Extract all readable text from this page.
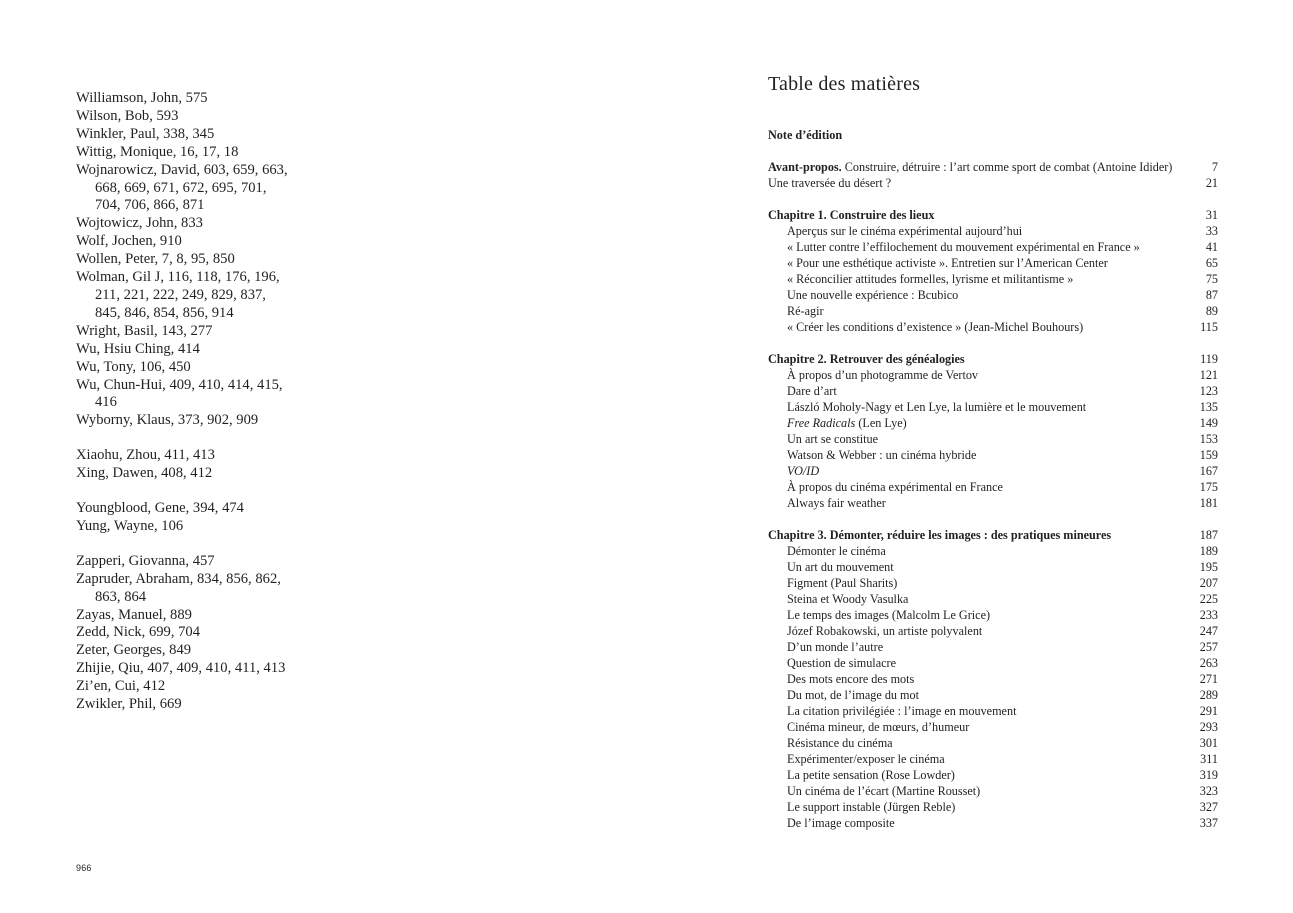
Williamson, John, 575
Wilson, Bob, 593
Winkler, Paul, 338, 345
Wittig, Monique, 16, 17, 18
Wojnarowicz, David, 603, 659, 663,
668, 669, 671, 672, 695, 701,
704, 706, 866, 871
Wojtowicz, John, 833
Wolf, Jochen, 910
Wollen, Peter, 7, 8, 95, 850
Wolman, Gil J, 116, 118, 176, 196,
211, 221, 222, 249, 829, 837,
845, 846, 854, 856, 914
Wright, Basil, 143, 277
Wu, Hsiu Ching, 414
Wu, Tony, 106, 450
Wu, Chun-Hui, 409, 410, 414, 415,
416
Wyborny, Klaus, 373, 902, 909
Xiaohu, Zhou, 411, 413
Xing, Dawen, 408, 412
Youngblood, Gene, 394, 474
Yung, Wayne, 106
Zapperi, Giovanna, 457
Zapruder, Abraham, 834, 856, 862,
863, 864
Zayas, Manuel, 889
Zedd, Nick, 699, 704
Zeter, Georges, 849
Zhijie, Qiu, 407, 409, 410, 411, 413
Zi’en, Cui, 412
Zwikler, Phil, 669
966
Table des matières
Note d’édition
Avant-propos. Construire, détruire : l’art comme sport de combat (Antoine Idider)	7
Une traversée du désert ?	21
Chapitre 1. Construire des lieux	31
Aperçus sur le cinéma expérimental aujourd’hui	33
« Lutter contre l’effilochement du mouvement expérimental en France »	41
« Pour une esthétique activiste ». Entretien sur l’American Center	65
« Réconcilier attitudes formelles, lyrisme et militantisme »	75
Une nouvelle expérience : Bcubico	87
Ré-agir	89
« Créer les conditions d’existence » (Jean-Michel Bouhours)	115
Chapitre 2. Retrouver des généalogies	119
À propos d’un photogramme de Vertov	121
Dare d’art	123
László Moholy-Nagy et Len Lye, la lumière et le mouvement	135
Free Radicals (Len Lye)	149
Un art se constitue	153
Watson & Webber : un cinéma hybride	159
VO/ID	167
À propos du cinéma expérimental en France	175
Always fair weather	181
Chapitre 3. Démonter, réduire les images : des pratiques mineures	187
Démonter le cinéma	189
Un art du mouvement	195
Figment (Paul Sharits)	207
Steina et Woody Vasulka	225
Le temps des images (Malcolm Le Grice)	233
Józef Robakowski, un artiste polyvalent	247
D’un monde l’autre	257
Question de simulacre	263
Des mots encore des mots	271
Du mot, de l’image du mot	289
La citation privilégiée : l’image en mouvement	291
Cinéma mineur, de mœurs, d’humeur	293
Résistance du cinéma	301
Expérimenter/exposer le cinéma	311
La petite sensation (Rose Lowder)	319
Un cinéma de l’écart (Martine Rousset)	323
Le support instable (Jürgen Reble)	327
De l’image composite	337
